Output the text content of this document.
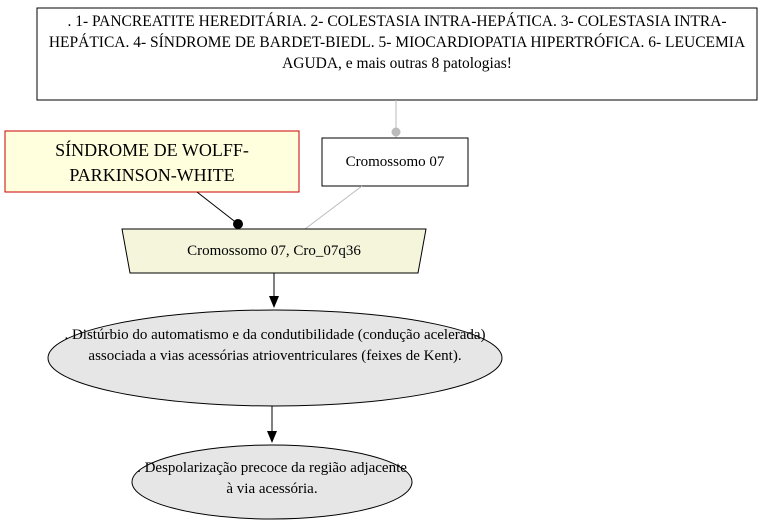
. 1- PANCREATITE HEREDITÁRIA. 2- COLESTASIA INTRA-HEPÁTICA. 3- COLESTASIA INTRA-HEPÁTICA. 4- SÍNDROME DE BARDET-BIEDL. 5- MIOCARDIOPATIA HIPERTRÓFICA. 6- LEUCEMIA AGUDA, e mais outras 8 patologias!
SÍNDROME DE WOLFF-PARKINSON-WHITE
Cromossomo 07
Cromossomo 07, Cro_07q36
. Distúrbio do automatismo e da condutibilidade (condução acelerada) associada a vias acessórias atrioventriculares (feixes de Kent).
. Despolarização precoce da região adjacente à via acessória.
